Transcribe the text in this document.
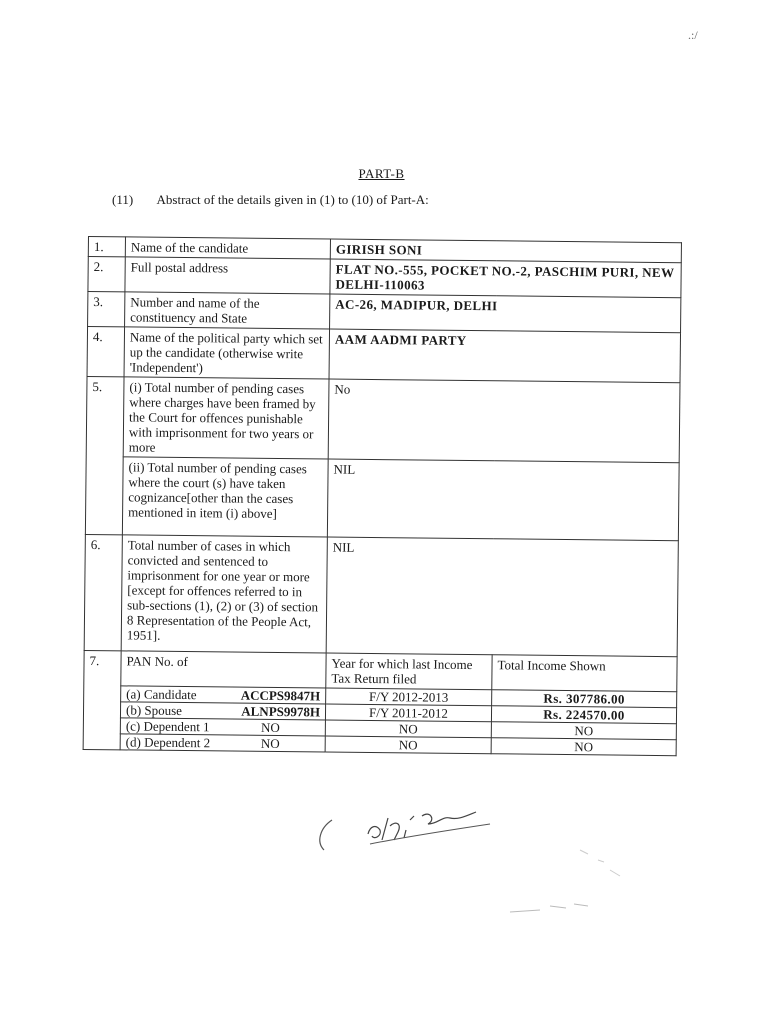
.:/
PART-B
(11) Abstract of the details given in (1) to (10) of Part-A:
1.	Name of the candidate	GIRISH SONI	
2.	Full postal address	FLAT NO.-555, POCKET NO.-2, PASCHIM PURI, NEW DELHI-110063	
3.	Number and name of the constituency and State	AC-26, MADIPUR, DELHI	
4.	Name of the political party which set up the candidate (otherwise write 'Independent')	AAM AADMI PARTY	
5.	(i) Total number of pending cases where charges have been framed by the Court for offences punishable with imprisonment for two years or more	No	
	(ii) Total number of pending cases where the court (s) have taken cognizance[other than the cases mentioned in item (i) above]	NIL	
6.	Total number of cases in which convicted and sentenced to imprisonment for one year or more [except for offences referred to in sub-sections (1), (2) or (3) of section 8 Representation of the People Act, 1951].	NIL	
7.	PAN No. of	Year for which last Income Tax Return filed	Total Income Shown
	(a) Candidate ACCPS9847H	F/Y 2012-2013	Rs. 307786.00
	(b) Spouse ALNPS9978H	F/Y 2011-2012	Rs. 224570.00
	(c) Dependent 1 NO	NO	NO
	(d) Dependent 2 NO	NO	NO
